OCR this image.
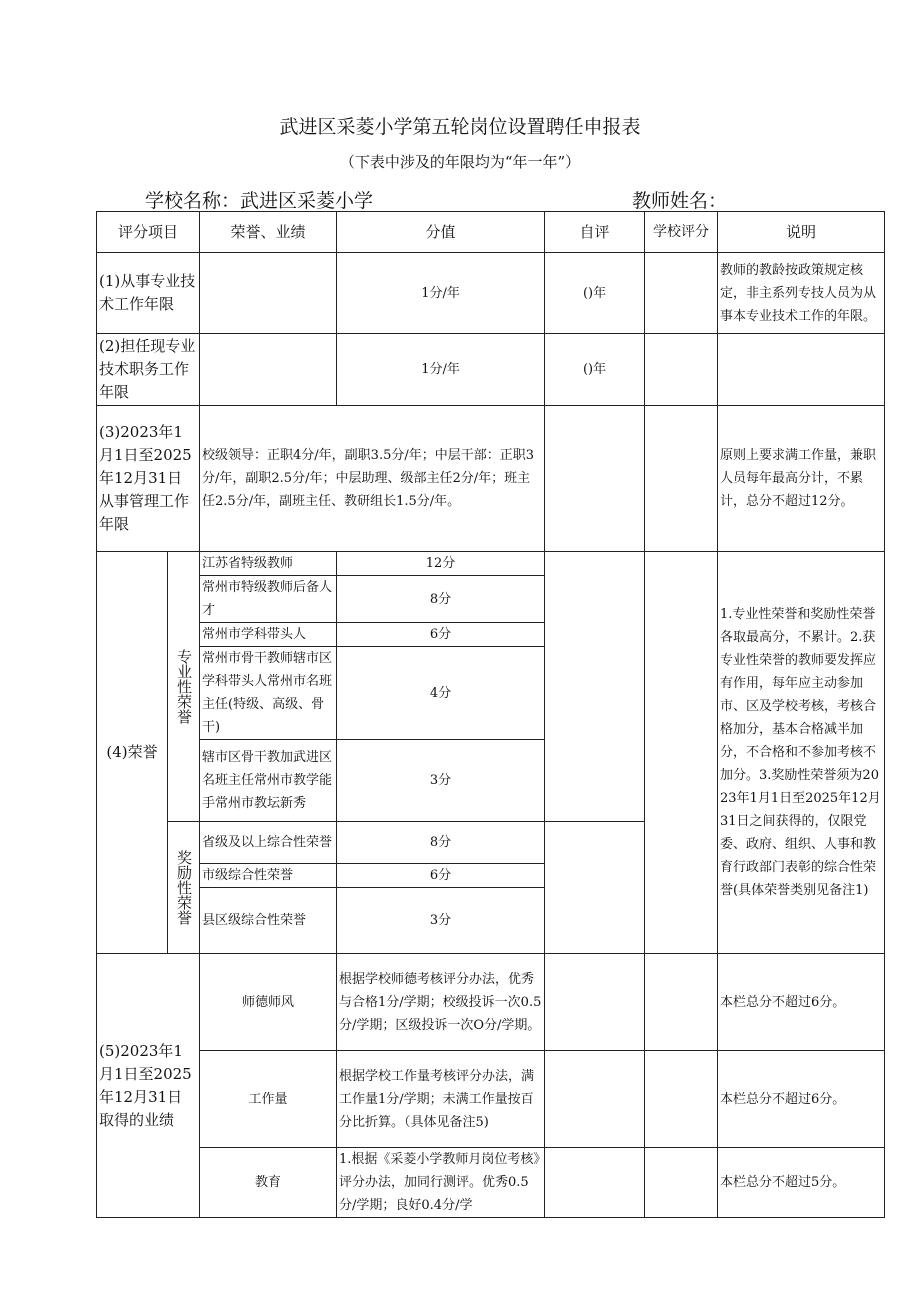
武进区采菱小学第五轮岗位设置聘任申报表
（下表中涉及的年限均为“年一年”）
学校名称：武进区采菱小学	教师姓名：
评分项目		荣誉、业绩	分值	自评	学校评分	说明
(1)从事专业技术工作年限			1分/年	()年		教师的教龄按政策规定核定，非主系列专技人员为从事本专业技术工作的年限。
(2)担任现专业技术职务工作年限			1分/年	()年		
(3)2023年1月1日至2025年12月31日从事管理工作年限		校级领导：正职4分/年，副职3.5分/年；中层干部：正职3分/年，副职2.5分/年；中层助理、级部主任2分/年；班主任2.5分/年，副班主任、教研组长1.5分/年。				原则上要求满工作量，兼职人员每年最高分计，不累计，总分不超过12分。
(4)荣誉	专业性荣誉	江苏省特级教师	12分			1.专业性荣誉和奖励性荣誉各取最高分，不累计。2.获专业性荣誉的教师要发挥应有作用，每年应主动参加市、区及学校考核，考核合格加分，基本合格减半加分，不合格和不参加考核不加分。3.奖励性荣誉须为2023年1月1日至2025年12月31日之间获得的，仅限党委、政府、组织、人事和教育行政部门表彰的综合性荣誉(具体荣誉类别见备注1)
		常州市特级教师后备人才	8分			
		常州市学科带头人	6分			
		常州市骨干教师辖市区学科带头人常州市名班主任(特级、高级、骨干)	4分			
		辖市区骨干教加武进区名班主任常州市教学能手常州市教坛新秀	3分			
	奖励性荣誉	省级及以上综合性荣誉	8分			
		市级综合性荣誉	6分			
		县区级综合性荣誉	3分			
(5)2023年1月1日至2025年12月31日取得的业绩		师德师风	根据学校师德考核评分办法，优秀与合格1分/学期；校级投诉一次0.5分/学期；区级投诉一次O分/学期。			本栏总分不超过6分。
		工作量	根据学校工作量考核评分办法，满工作量1分/学期；未满工作量按百分比折算。（具体见备注5)			本栏总分不超过6分。
		教育	1.根据《采菱小学教师月岗位考核》评分办法，加同行测评。优秀0.5分/学期；良好0.4分/学			本栏总分不超过5分。
